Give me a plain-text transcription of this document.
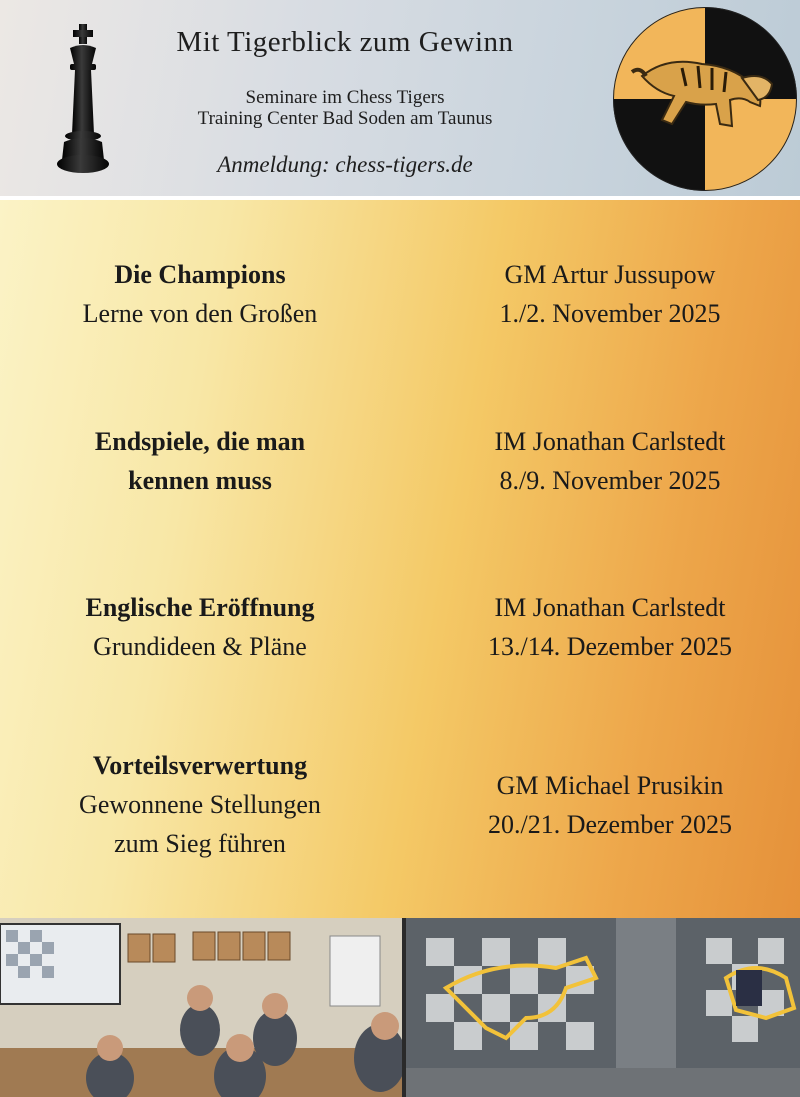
Mit Tigerblick zum Gewinn
Seminare im Chess Tigers
Training Center Bad Soden am Taunus
Anmeldung: chess-tigers.de
Die Champions
Lerne von den Großen
GM Artur Jussupow
1./2. November 2025
Endspiele, die man
kennen muss
IM Jonathan Carlstedt
8./9. November 2025
Englische Eröffnung
Grundideen & Pläne
IM Jonathan Carlstedt
13./14. Dezember 2025
Vorteilsverwertung
Gewonnene Stellungen
zum Sieg führen
GM Michael Prusikin
20./21. Dezember 2025
